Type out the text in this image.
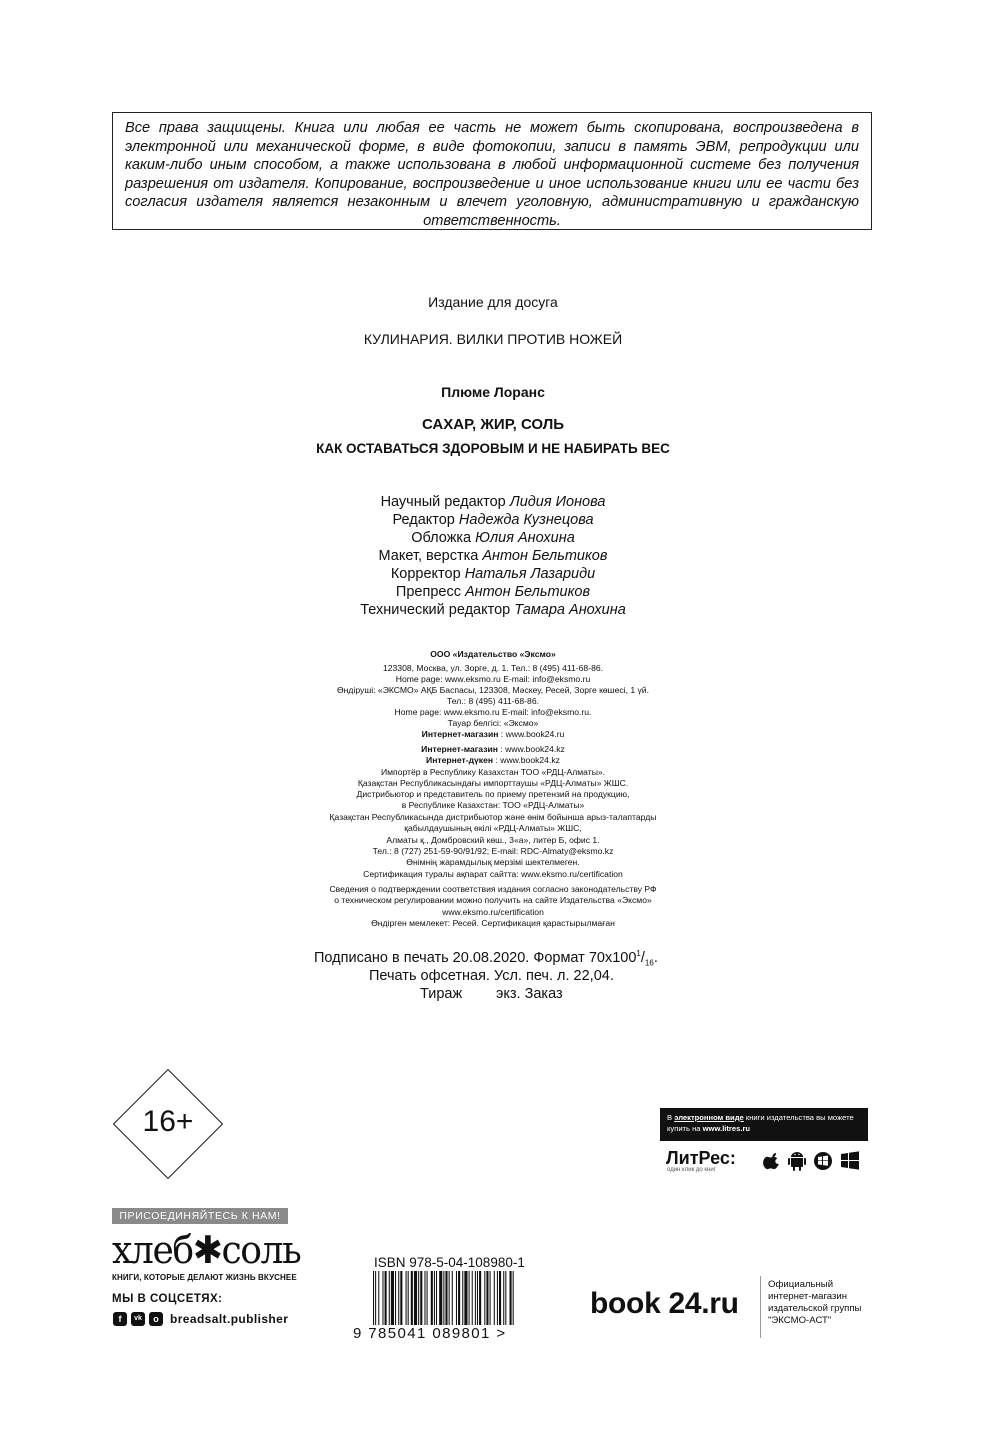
Все права защищены. Книга или любая ее часть не может быть скопирована, воспроизведена в электронной или механической форме, в виде фотокопии, записи в память ЭВМ, репродукции или каким-либо иным способом, а также использована в любой информационной системе без получения разрешения от издателя. Копирование, воспроизведение и иное использование книги или ее части без согласия издателя является незаконным и влечет уголовную, административную и гражданскую ответственность.
Издание для досуга
КУЛИНАРИЯ. ВИЛКИ ПРОТИВ НОЖЕЙ
Плюме Лоранс
САХАР, ЖИР, СОЛЬ
КАК ОСТАВАТЬСЯ ЗДОРОВЫМ И НЕ НАБИРАТЬ ВЕС
Научный редактор Лидия Ионова
Редактор Надежда Кузнецова
Обложка Юлия Анохина
Макет, верстка Антон Бельтиков
Корректор Наталья Лазариди
Препресс Антон Бельтиков
Технический редактор Тамара Анохина
ООО «Издательство «Эксмо»
123308, Москва, ул. Зорге, д. 1. Тел.: 8 (495) 411-68-86.
Home page: www.eksmo.ru E-mail: info@eksmo.ru
Өндіруші: «ЭКСМО» АҚБ Баспасы, 123308, Мәскеу, Ресей, Зорге көшесі, 1 үй.
Тел.: 8 (495) 411-68-86.
Home page: www.eksmo.ru E-mail: info@eksmo.ru.
Тауар белгісі: «Эксмо»
Интернет-магазин : www.book24.ru
Интернет-магазин : www.book24.kz
Интернет-дүкен : www.book24.kz
Импортёр в Республику Казахстан ТОО «РДЦ-Алматы».
Қазақстан Республикасындағы импорттаушы «РДЦ-Алматы» ЖШС.
Дистрибьютор и представитель по приему претензий на продукцию,
в Республике Казахстан: ТОО «РДЦ-Алматы»
Қазақстан Республикасында дистрибьютор және өнім бойынша арыз-талаптарды
қабылдаушының өкілі «РДЦ-Алматы» ЖШС,
Алматы қ., Домбровский көш., 3«а», литер Б, офис 1.
Тел.: 8 (727) 251-59-90/91/92; E-mail: RDC-Almaty@eksmo.kz
Өнімнің жарамдылық мерзімі шектелмеген.
Сертификация туралы ақпарат сайтта: www.eksmo.ru/certification
Сведения о подтверждении соответствия издания согласно законодательству РФ
о техническом регулировании можно получить на сайте Издательства «Эксмо»
www.eksmo.ru/certification
Өндірген мемлекет: Ресей. Сертификация қарастырылмаған
Подписано в печать 20.08.2020. Формат $70x100^1/_{16}$.
Печать офсетная. Усл. печ. л. 22,04.
Тираж экз. Заказ
16+	В электронном виде книги издательства вы можете
купить на www.litres.ru
ЛитРес:
один клик до книг
ПРИСОЕДИНЯЙТЕСЬ К НАМ!
хлеб✱соль
КНИГИ, КОТОРЫЕ ДЕЛАЮТ ЖИЗНЬ ВКУСНЕЕ
МЫ В СОЦСЕТЯХ:
f	vk	o breadsalt.publisher
ISBN 978-5-04-108980-1
9 785041 089801 >
book 24.ru
Официальный
интернет-магазин
издательской группы
"ЭКСМО-АСТ"
